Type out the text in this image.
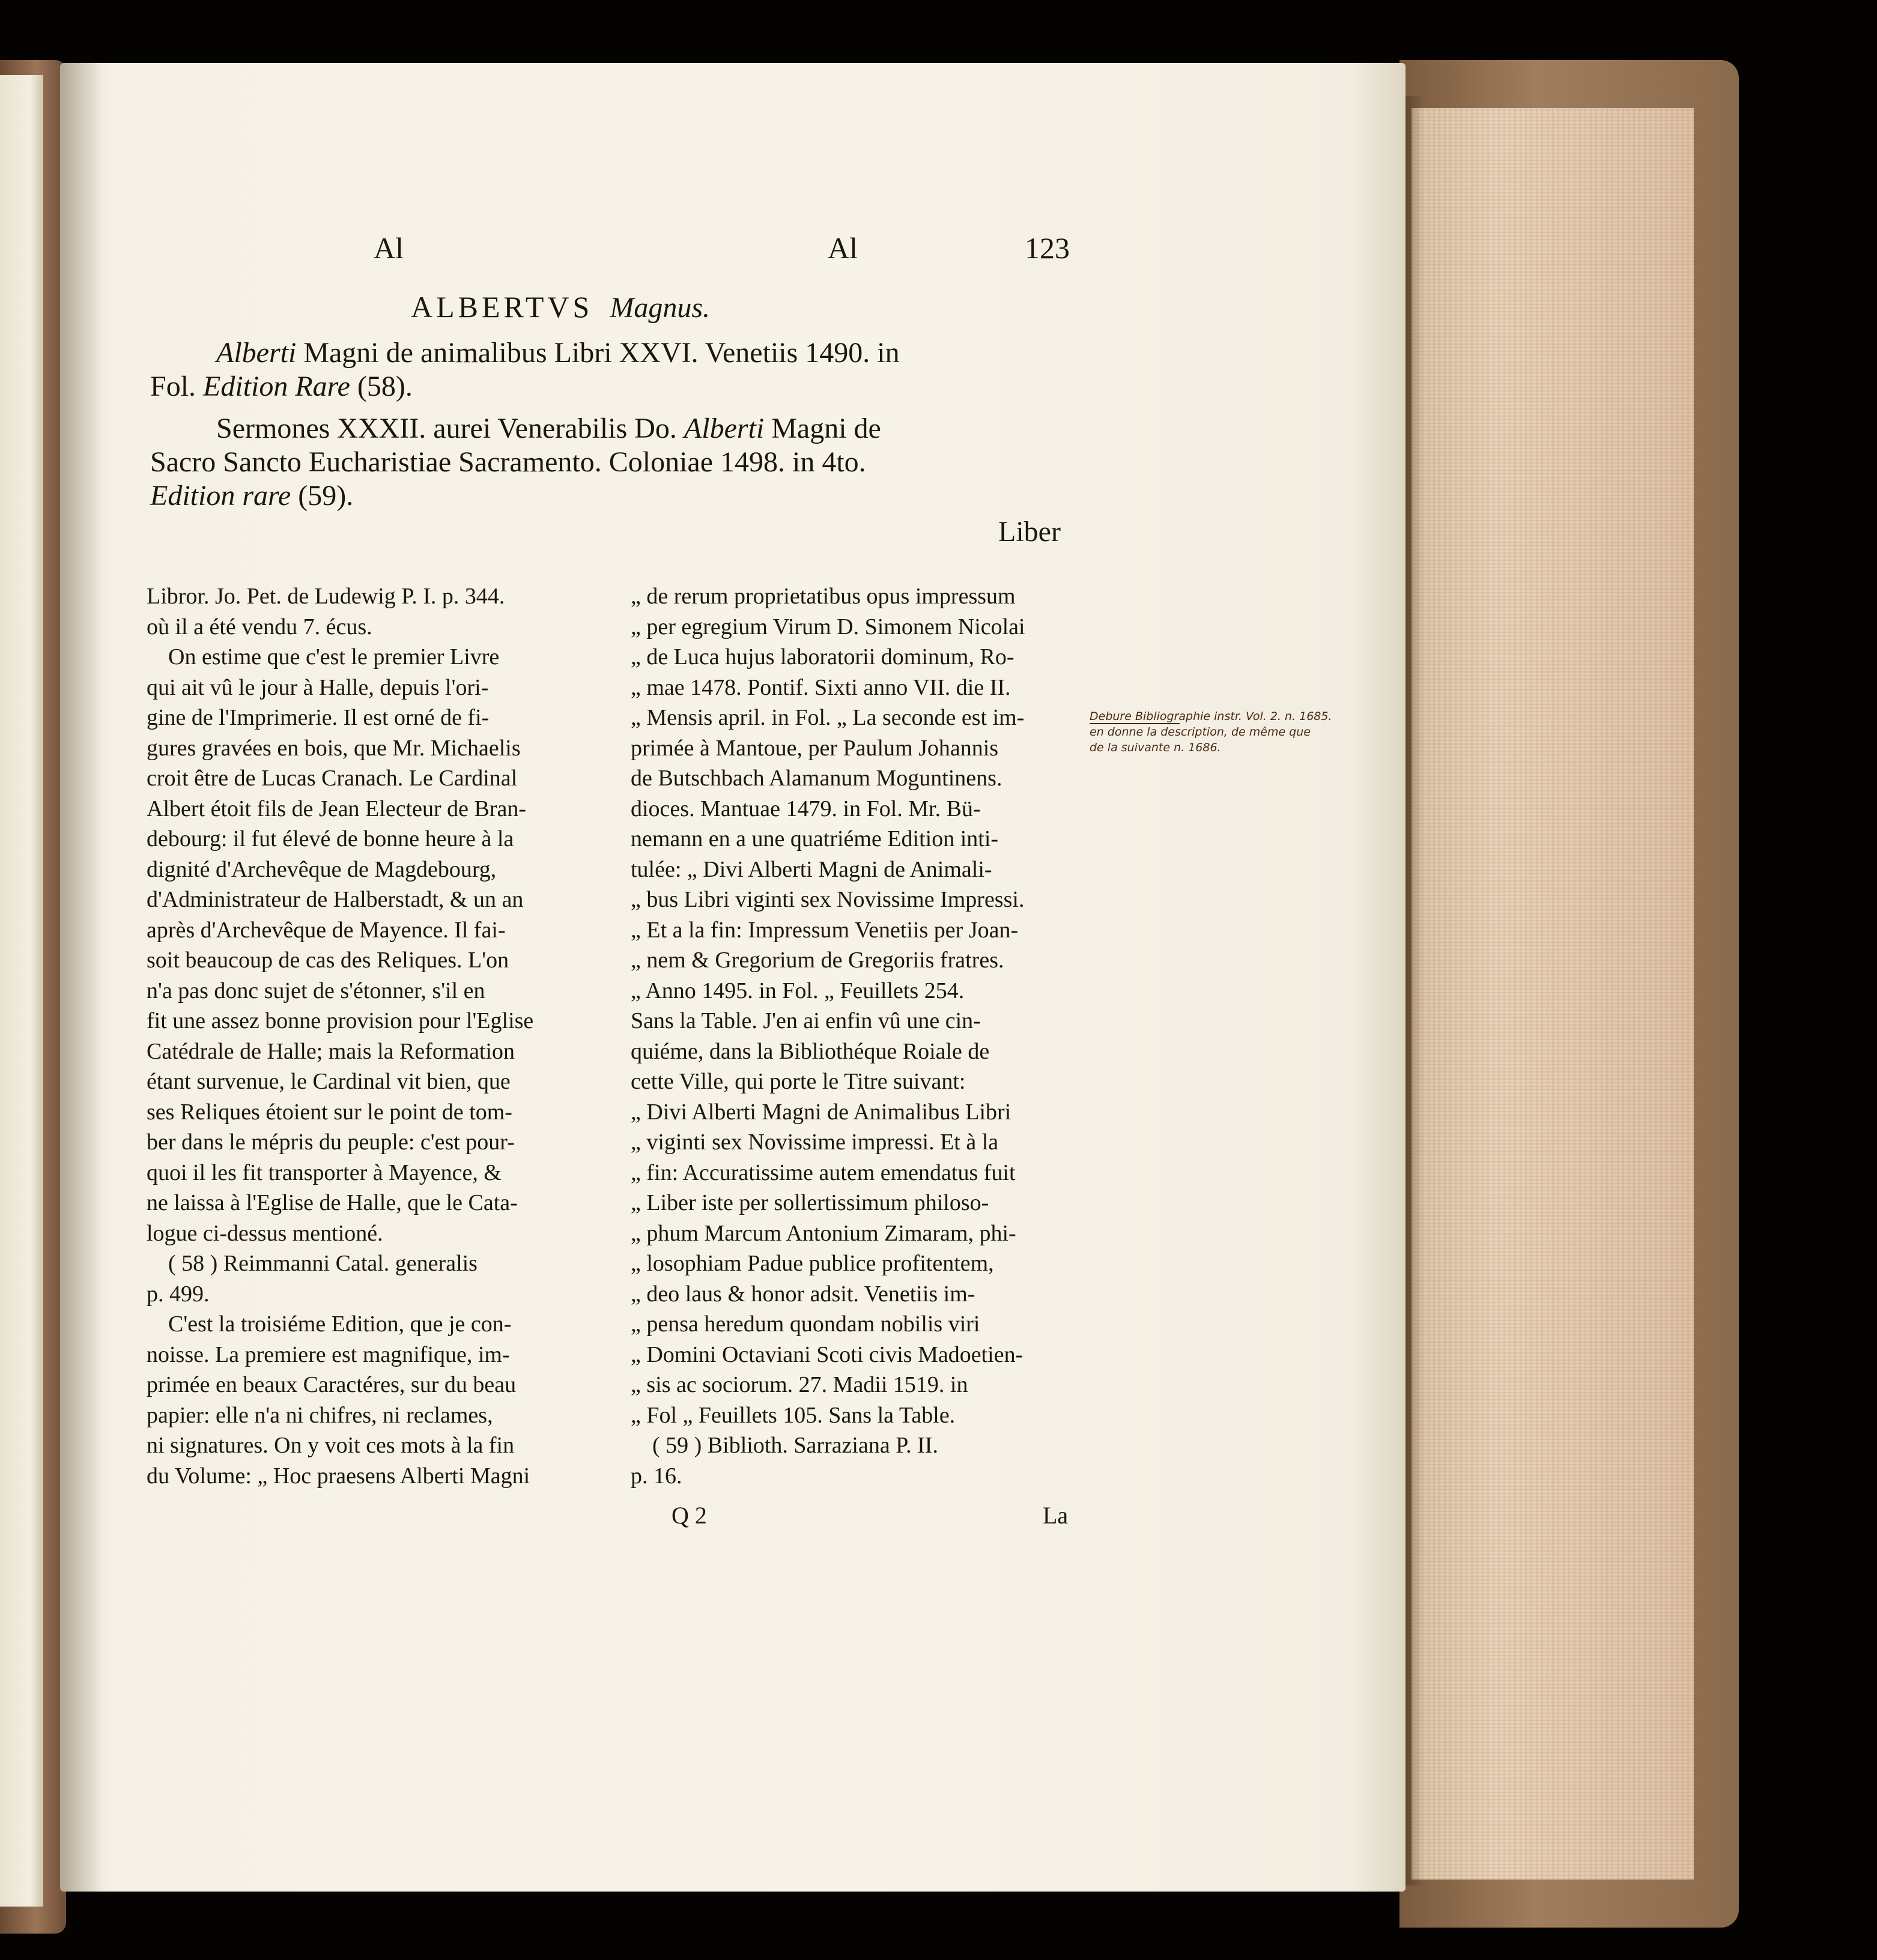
Al	Al	123
ALBERTVS Magnus.
Alberti Magni de animalibus Libri XXVI. Venetiis 1490. in
Fol. Edition Rare (58).
Sermones XXXII. aurei Venerabilis Do. Alberti Magni de
Sacro Sancto Eucharistiae Sacramento. Coloniae 1498. in 4to.
Edition rare (59).
Liber
Libror. Jo. Pet. de Ludewig P. I. p. 344.
où il a été vendu 7. écus.
On estime que c'est le premier Livre
qui ait vû le jour à Halle, depuis l'ori-
gine de l'Imprimerie. Il est orné de fi-
gures gravées en bois, que Mr. Michaelis
croit être de Lucas Cranach. Le Cardinal
Albert étoit fils de Jean Electeur de Bran-
debourg: il fut élevé de bonne heure à la
dignité d'Archevêque de Magdebourg,
d'Administrateur de Halberstadt, & un an
après d'Archevêque de Mayence. Il fai-
soit beaucoup de cas des Reliques. L'on
n'a pas donc sujet de s'étonner, s'il en
fit une assez bonne provision pour l'Eglise
Catédrale de Halle; mais la Reformation
étant survenue, le Cardinal vit bien, que
ses Reliques étoient sur le point de tom-
ber dans le mépris du peuple: c'est pour-
quoi il les fit transporter à Mayence, &
ne laissa à l'Eglise de Halle, que le Cata-
logue ci-dessus mentioné.
( 58 ) Reimmanni Catal. generalis
p. 499.
C'est la troisiéme Edition, que je con-
noisse. La premiere est magnifique, im-
primée en beaux Caractéres, sur du beau
papier: elle n'a ni chifres, ni reclames,
ni signatures. On y voit ces mots à la fin
du Volume: „ Hoc praesens Alberti Magni
„ de rerum proprietatibus opus impressum
„ per egregium Virum D. Simonem Nicolai
„ de Luca hujus laboratorii dominum, Ro-
„ mae 1478. Pontif. Sixti anno VII. die II.
„ Mensis april. in Fol. „ La seconde est im-
primée à Mantoue, per Paulum Johannis
de Butschbach Alamanum Moguntinens.
dioces. Mantuae 1479. in Fol. Mr. Bü-
nemann en a une quatriéme Edition inti-
tulée: „ Divi Alberti Magni de Animali-
„ bus Libri viginti sex Novissime Impressi.
„ Et a la fin: Impressum Venetiis per Joan-
„ nem & Gregorium de Gregoriis fratres.
„ Anno 1495. in Fol. „ Feuillets 254.
Sans la Table. J'en ai enfin vû une cin-
quiéme, dans la Bibliothéque Roiale de
cette Ville, qui porte le Titre suivant:
„ Divi Alberti Magni de Animalibus Libri
„ viginti sex Novissime impressi. Et à la
„ fin: Accuratissime autem emendatus fuit
„ Liber iste per sollertissimum philoso-
„ phum Marcum Antonium Zimaram, phi-
„ losophiam Padue publice profitentem,
„ deo laus & honor adsit. Venetiis im-
„ pensa heredum quondam nobilis viri
„ Domini Octaviani Scoti civis Madoetien-
„ sis ac sociorum. 27. Madii 1519. in
„ Fol „ Feuillets 105. Sans la Table.
( 59 ) Biblioth. Sarraziana P. II.
p. 16.
Q 2	La
Debure Bibliographie instr. Vol. 2. n. 1685.
en donne la description, de même que
de la suivante n. 1686.
